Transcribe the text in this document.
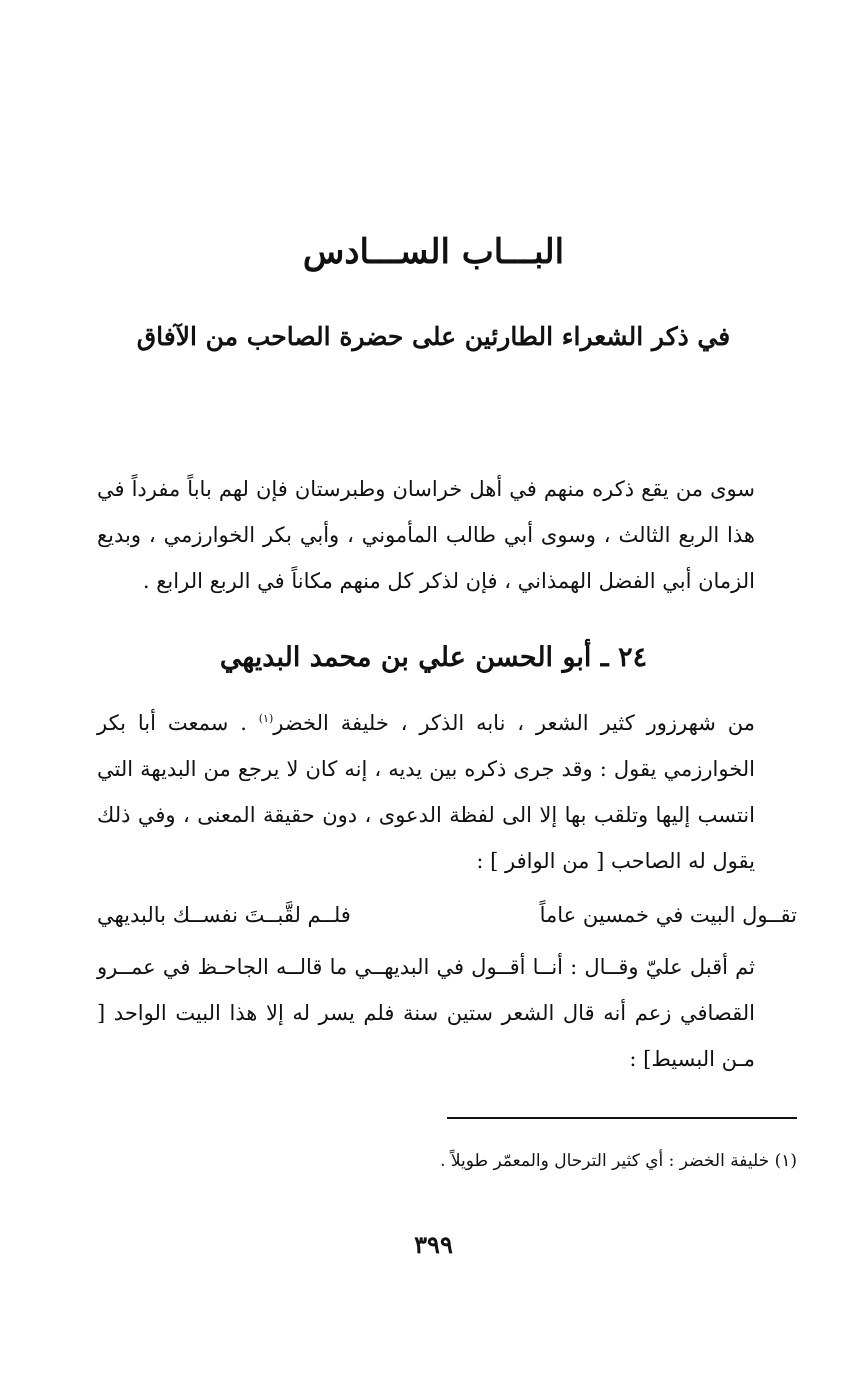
البـــاب الســـادس
في ذكر الشعراء الطارئين على حضرة الصاحب من الآفاق
سوى من يقع ذكره منهم في أهل خراسان وطبرستان فإن لهم باباً مفرداً في هذا الربع الثالث ، وسوى أبي طالب المأموني ، وأبي بكر الخوارزمي ، وبديع الزمان أبي الفضل الهمذاني ، فإن لذكر كل منهم مكاناً في الربع الرابع .
٢٤ ـ أبو الحسن علي بن محمد البديهي
من شهرزور كثير الشعر ، نابه الذكر ، خليفة الخضر$^{(١)}$ . سمعت أبا بكر الخوارزمي يقول : وقد جرى ذكره بين يديه ، إنه كان لا يرجع من البديهة التي انتسب إليها وتلقب بها إلا الى لفظة الدعوى ، دون حقيقة المعنى ، وفي ذلك يقول له الصاحب [ من الوافر ] :
تقــول البيت في خمسين عاماً
فلــم لقَّبــتَ نفســك بالبديهي
ثم أقبل عليّ وقــال : أنــا أقــول في البديهــي ما قالــه الجاحـظ في عمــرو القصافي زعم أنه قال الشعر ستين سنة فلم يسر له إلا هذا البيت الواحد [ مـن البسيط] :
(١) خليفة الخضر : أي كثير الترحال والمعمّر طويلاً .
٣٩٩
